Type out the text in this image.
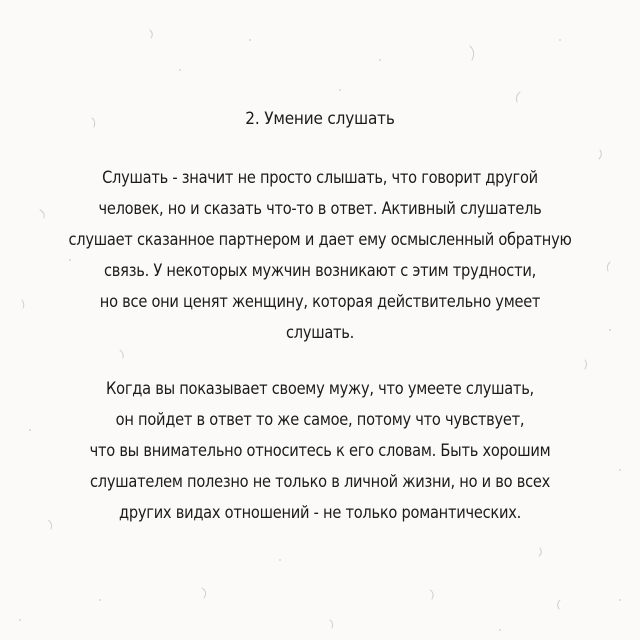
2. Умение слушать
Слушать - значит не просто слышать, что говорит другой
человек, но и сказать что-то в ответ. Активный слушатель
слушает сказанное партнером и дает ему осмысленный обратную
связь. У некоторых мужчин возникают с этим трудности,
но все они ценят женщину, которая действительно умеет
слушать.
Когда вы показывает своему мужу, что умеете слушать,
он пойдет в ответ то же самое, потому что чувствует,
что вы внимательно относитесь к его словам. Быть хорошим
слушателем полезно не только в личной жизни, но и во всех
других видах отношений - не только романтических.
